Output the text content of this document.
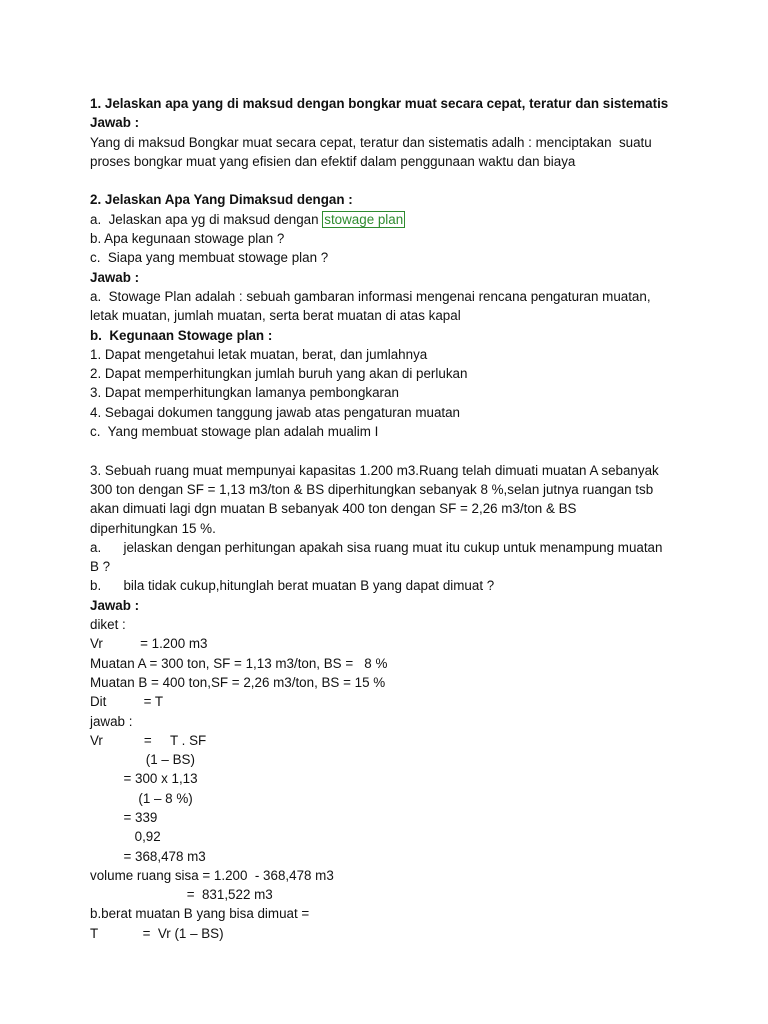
1. Jelaskan apa yang di maksud dengan bongkar muat secara cepat, teratur dan sistematis
Jawab :
Yang di maksud Bongkar muat secara cepat, teratur dan sistematis adalh : menciptakan  suatu
proses bongkar muat yang efisien dan efektif dalam penggunaan waktu dan biaya
2. Jelaskan Apa Yang Dimaksud dengan :
a.  Jelaskan apa yg di maksud dengan stowage plan
b. Apa kegunaan stowage plan ?
c.  Siapa yang membuat stowage plan ?
Jawab :
a.  Stowage Plan adalah : sebuah gambaran informasi mengenai rencana pengaturan muatan,
letak muatan, jumlah muatan, serta berat muatan di atas kapal
b.  Kegunaan Stowage plan :
1. Dapat mengetahui letak muatan, berat, dan jumlahnya
2. Dapat memperhitungkan jumlah buruh yang akan di perlukan
3. Dapat memperhitungkan lamanya pembongkaran
4. Sebagai dokumen tanggung jawab atas pengaturan muatan
c.  Yang membuat stowage plan adalah mualim I
3. Sebuah ruang muat mempunyai kapasitas 1.200 m3.Ruang telah dimuati muatan A sebanyak
300 ton dengan SF = 1,13 m3/ton & BS diperhitungkan sebanyak 8 %,selan jutnya ruangan tsb
akan dimuati lagi dgn muatan B sebanyak 400 ton dengan SF = 2,26 m3/ton & BS
diperhitungkan 15 %.
a.      jelaskan dengan perhitungan apakah sisa ruang muat itu cukup untuk menampung muatan
B ?
b.      bila tidak cukup,hitunglah berat muatan B yang dapat dimuat ?
Jawab :
diket :
Vr          = 1.200 m3
Muatan A = 300 ton, SF = 1,13 m3/ton, BS =   8 %
Muatan B = 400 ton,SF = 2,26 m3/ton, BS = 15 %
Dit          = T
jawab :
Vr           =     T . SF
(1 – BS)
= 300 x 1,13
(1 – 8 %)
= 339
0,92
= 368,478 m3
volume ruang sisa = 1.200  - 368,478 m3
=  831,522 m3
b.berat muatan B yang bisa dimuat =
T            =  Vr (1 – BS)
